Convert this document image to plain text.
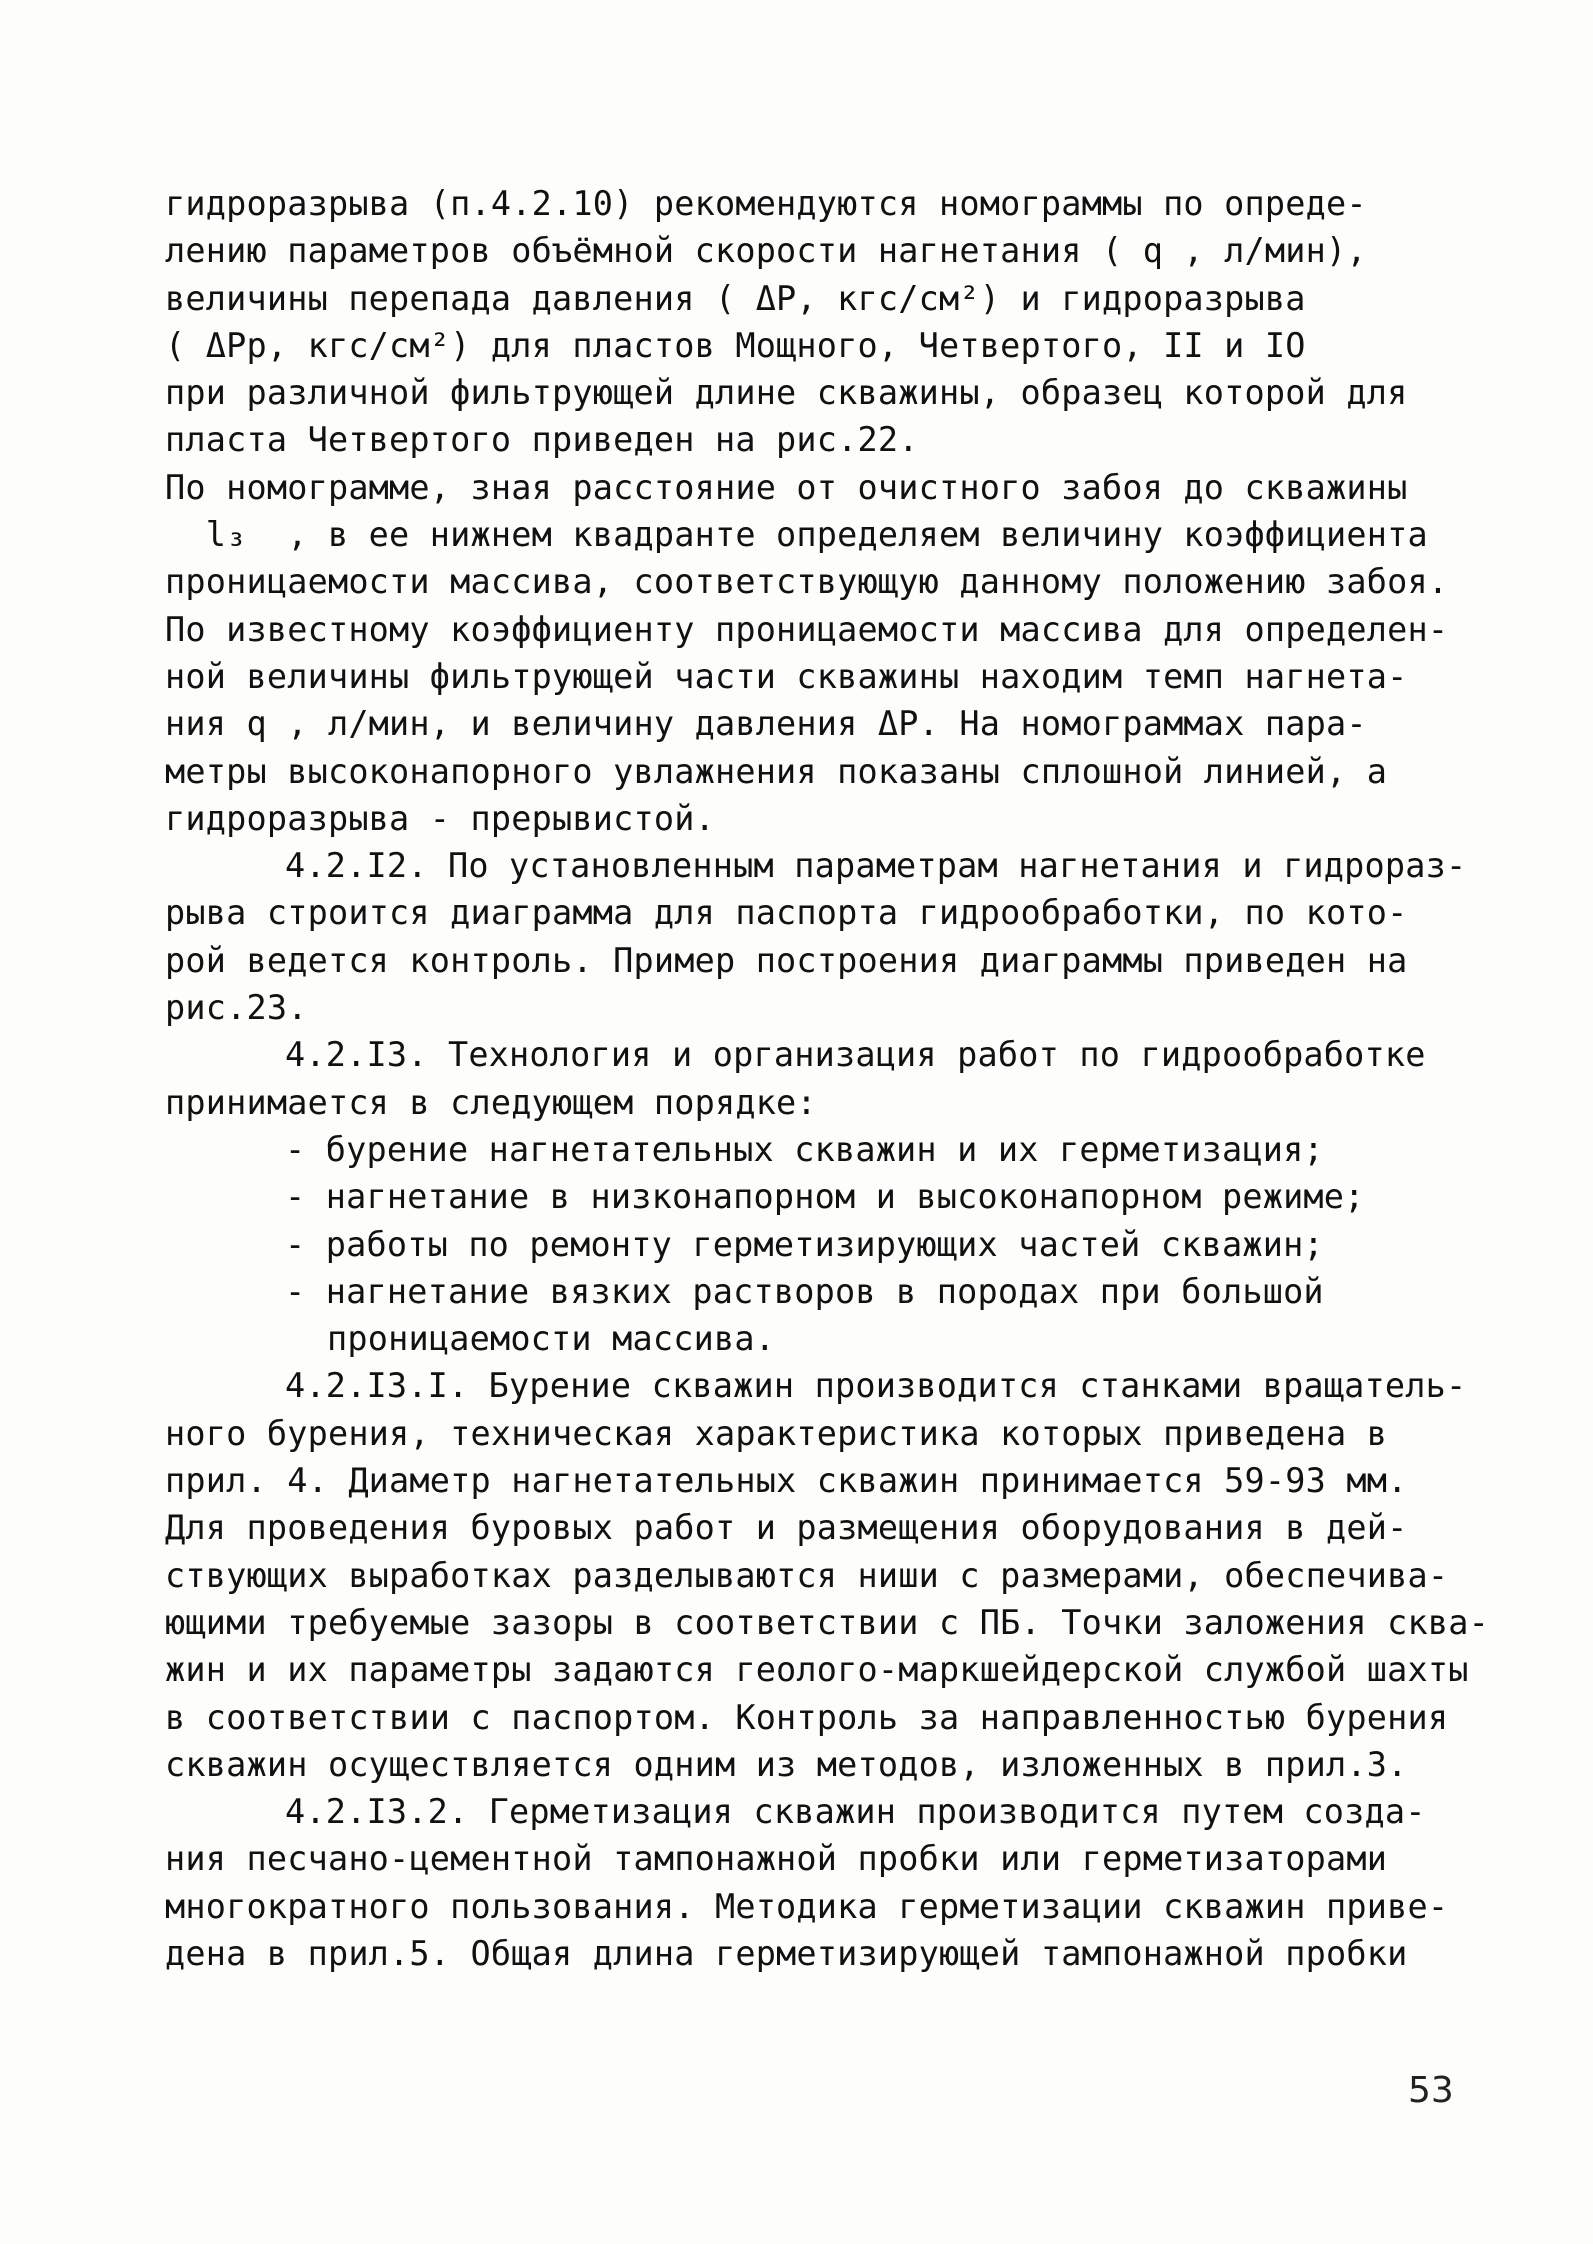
гидроразрыва (п.4.2.10) рекомендуются номограммы по опреде-
лению параметров объёмной скорости нагнетания ( q , л/мин),
величины перепада давления ( ΔP, кгс/см²) и гидроразрыва
( ΔPр, кгс/см²) для пластов Мощного, Четвертого, II и IO
при различной фильтрующей длине скважины, образец которой для
пласта Четвертого приведен на рис.22.
По номограмме, зная расстояние от очистного забоя до скважины
l₃  , в ее нижнем квадранте определяем величину коэффициента
проницаемости массива, соответствующую данному положению забоя.
По известному коэффициенту проницаемости массива для определен-
ной величины фильтрующей части скважины находим темп нагнета-
ния q , л/мин, и величину давления ΔP. На номограммах пара-
метры высоконапорного увлажнения показаны сплошной линией, а
гидроразрыва - прерывистой.
4.2.I2. По установленным параметрам нагнетания и гидрораз-
рыва строится диаграмма для паспорта гидрообработки, по кото-
рой ведется контроль. Пример построения диаграммы приведен на
рис.23.
4.2.I3. Технология и организация работ по гидрообработке
принимается в следующем порядке:
- бурение нагнетательных скважин и их герметизация;
- нагнетание в низконапорном и высоконапорном режиме;
- работы по ремонту герметизирующих частей скважин;
- нагнетание вязких растворов в породах при большой
проницаемости массива.
4.2.I3.I. Бурение скважин производится станками вращатель-
ного бурения, техническая характеристика которых приведена в
прил. 4. Диаметр нагнетательных скважин принимается 59-93 мм.
Для проведения буровых работ и размещения оборудования в дей-
ствующих выработках разделываются ниши с размерами, обеспечива-
ющими требуемые зазоры в соответствии с ПБ. Точки заложения сква-
жин и их параметры задаются геолого-маркшейдерской службой шахты
в соответствии с паспортом. Контроль за направленностью бурения
скважин осуществляется одним из методов, изложенных в прил.3.
4.2.I3.2. Герметизация скважин производится путем созда-
ния песчано-цементной тампонажной пробки или герметизаторами
многократного пользования. Методика герметизации скважин приве-
дена в прил.5. Общая длина герметизирующей тампонажной пробки
53
